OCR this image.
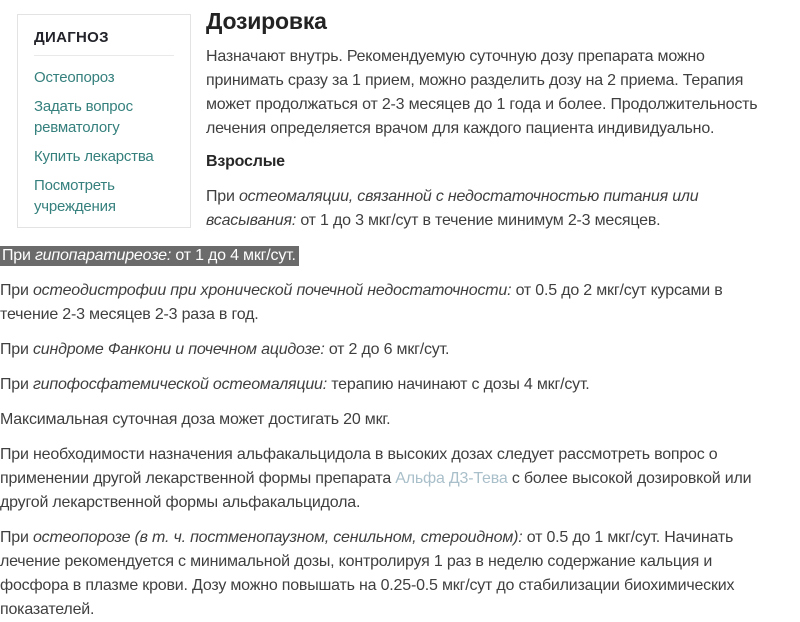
ДИАГНОЗ
Остеопороз
Задать вопрос ревматологу
Купить лекарства
Посмотреть учреждения
Дозировка

Назначают внутрь. Рекомендуемую суточную дозу препарата можно принимать сразу за 1 прием, можно разделить дозу на 2 приема. Терапия может продолжаться от 2-3 месяцев до 1 года и более. Продолжительность лечения определяется врачом для каждого пациента индивидуально.

Взрослые

При остеомаляции, связанной с недостаточностью питания или всасывания: от 1 до 3 мкг/сут в течение минимум 2-3 месяцев.

При гипопаратиреозе: от 1 до 4 мкг/сут.

При остеодистрофии при хронической почечной недостаточности: от 0.5 до 2 мкг/сут курсами в течение 2-3 месяцев 2-3 раза в год.

При синдроме Фанкони и почечном ацидозе: от 2 до 6 мкг/сут.

При гипофосфатемической остеомаляции: терапию начинают с дозы 4 мкг/сут.

Максимальная суточная доза может достигать 20 мкг.

При необходимости назначения альфакальцидола в высоких дозах следует рассмотреть вопрос о применении другой лекарственной формы препарата Альфа Д3-Тева с более высокой дозировкой или другой лекарственной формы альфакальцидола.

При остеопорозе (в т. ч. постменопаузном, сенильном, стероидном): от 0.5 до 1 мкг/сут. Начинать лечение рекомендуется с минимальной дозы, контролируя 1 раз в неделю содержание кальция и фосфора в плазме крови. Дозу можно повышать на 0.25-0.5 мкг/сут до стабилизации биохимических показателей.
